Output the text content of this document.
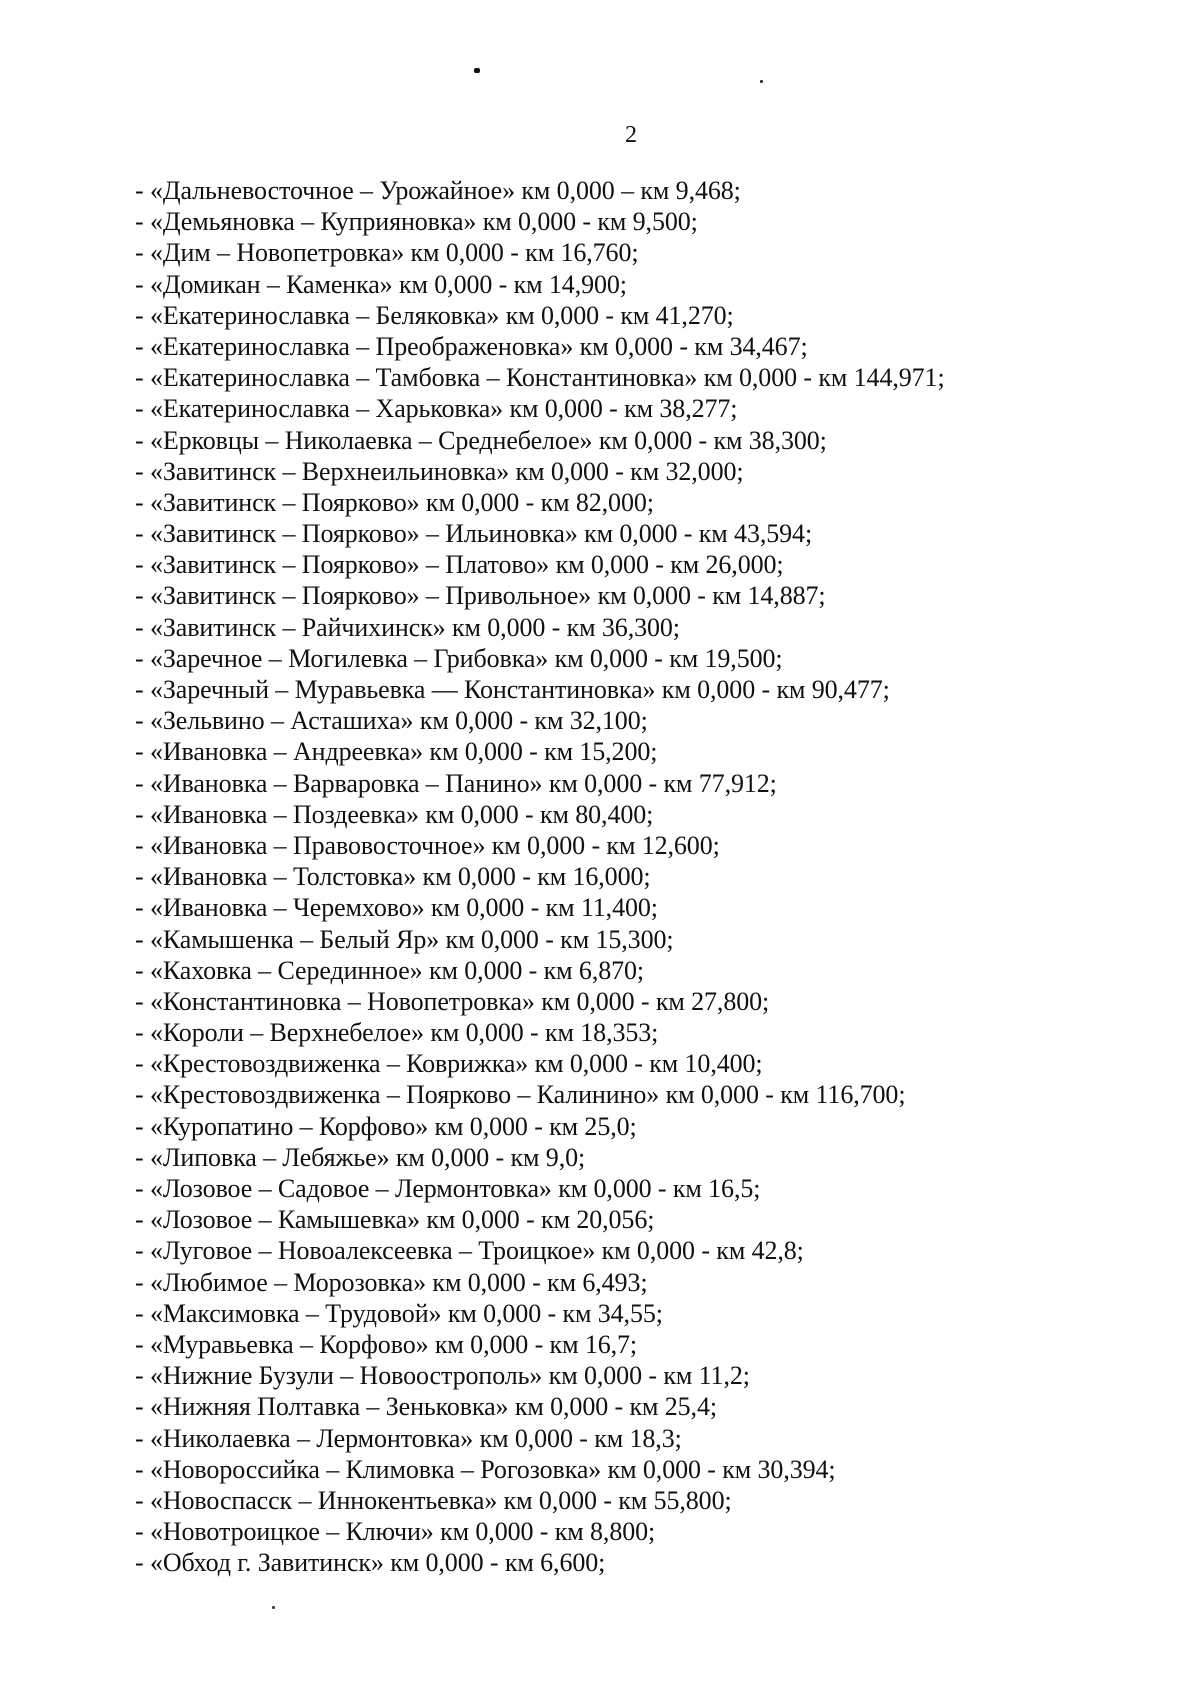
2
- «Дальневосточное – Урожайное» км 0,000 – км 9,468;
- «Демьяновка – Куприяновка» км 0,000 - км 9,500;
- «Дим – Новопетровка» км 0,000 - км 16,760;
- «Домикан – Каменка» км 0,000 - км 14,900;
- «Екатеринославка – Беляковка» км 0,000 - км 41,270;
- «Екатеринославка – Преображеновка» км 0,000 - км 34,467;
- «Екатеринославка – Тамбовка – Константиновка» км 0,000 - км 144,971;
- «Екатеринославка – Харьковка» км 0,000 - км 38,277;
- «Ерковцы – Николаевка – Среднебелое» км 0,000 - км 38,300;
- «Завитинск – Верхнеильиновка» км 0,000 - км 32,000;
- «Завитинск – Поярково» км 0,000 - км 82,000;
- «Завитинск – Поярково» – Ильиновка» км 0,000 - км 43,594;
- «Завитинск – Поярково» – Платово» км 0,000 - км 26,000;
- «Завитинск – Поярково» – Привольное» км 0,000 - км 14,887;
- «Завитинск – Райчихинск» км 0,000 - км 36,300;
- «Заречное – Могилевка – Грибовка» км 0,000 - км 19,500;
- «Заречный – Муравьевка — Константиновка» км 0,000 - км 90,477;
- «Зельвино – Асташиха» км 0,000 - км 32,100;
- «Ивановка – Андреевка» км 0,000 - км 15,200;
- «Ивановка – Варваровка – Панино» км 0,000 - км 77,912;
- «Ивановка – Поздеевка» км 0,000 - км 80,400;
- «Ивановка – Правовосточное» км 0,000 - км 12,600;
- «Ивановка – Толстовка» км 0,000 - км 16,000;
- «Ивановка – Черемхово» км 0,000 - км 11,400;
- «Камышенка – Белый Яр» км 0,000 - км 15,300;
- «Каховка – Серединное» км 0,000 - км 6,870;
- «Константиновка – Новопетровка» км 0,000 - км 27,800;
- «Короли – Верхнебелое» км 0,000 - км 18,353;
- «Крестовоздвиженка – Коврижка» км 0,000 - км 10,400;
- «Крестовоздвиженка – Поярково – Калинино» км 0,000 - км 116,700;
- «Куропатино – Корфово» км 0,000 - км 25,0;
- «Липовка – Лебяжье» км 0,000 - км 9,0;
- «Лозовое – Садовое – Лермонтовка» км 0,000 - км 16,5;
- «Лозовое – Камышевка» км 0,000 - км 20,056;
- «Луговое – Новоалексеевка – Троицкое» км 0,000 - км 42,8;
- «Любимое – Морозовка» км 0,000 - км 6,493;
- «Максимовка – Трудовой» км 0,000 - км 34,55;
- «Муравьевка – Корфово» км 0,000 - км 16,7;
- «Нижние Бузули – Новоострополь» км 0,000 - км 11,2;
- «Нижняя Полтавка – Зеньковка» км 0,000 - км 25,4;
- «Николаевка – Лермонтовка» км 0,000 - км 18,3;
- «Новороссийка – Климовка – Рогозовка» км 0,000 - км 30,394;
- «Новоспасск – Иннокентьевка» км 0,000 - км 55,800;
- «Новотроицкое – Ключи» км 0,000 - км 8,800;
- «Обход г. Завитинск» км 0,000 - км 6,600;
